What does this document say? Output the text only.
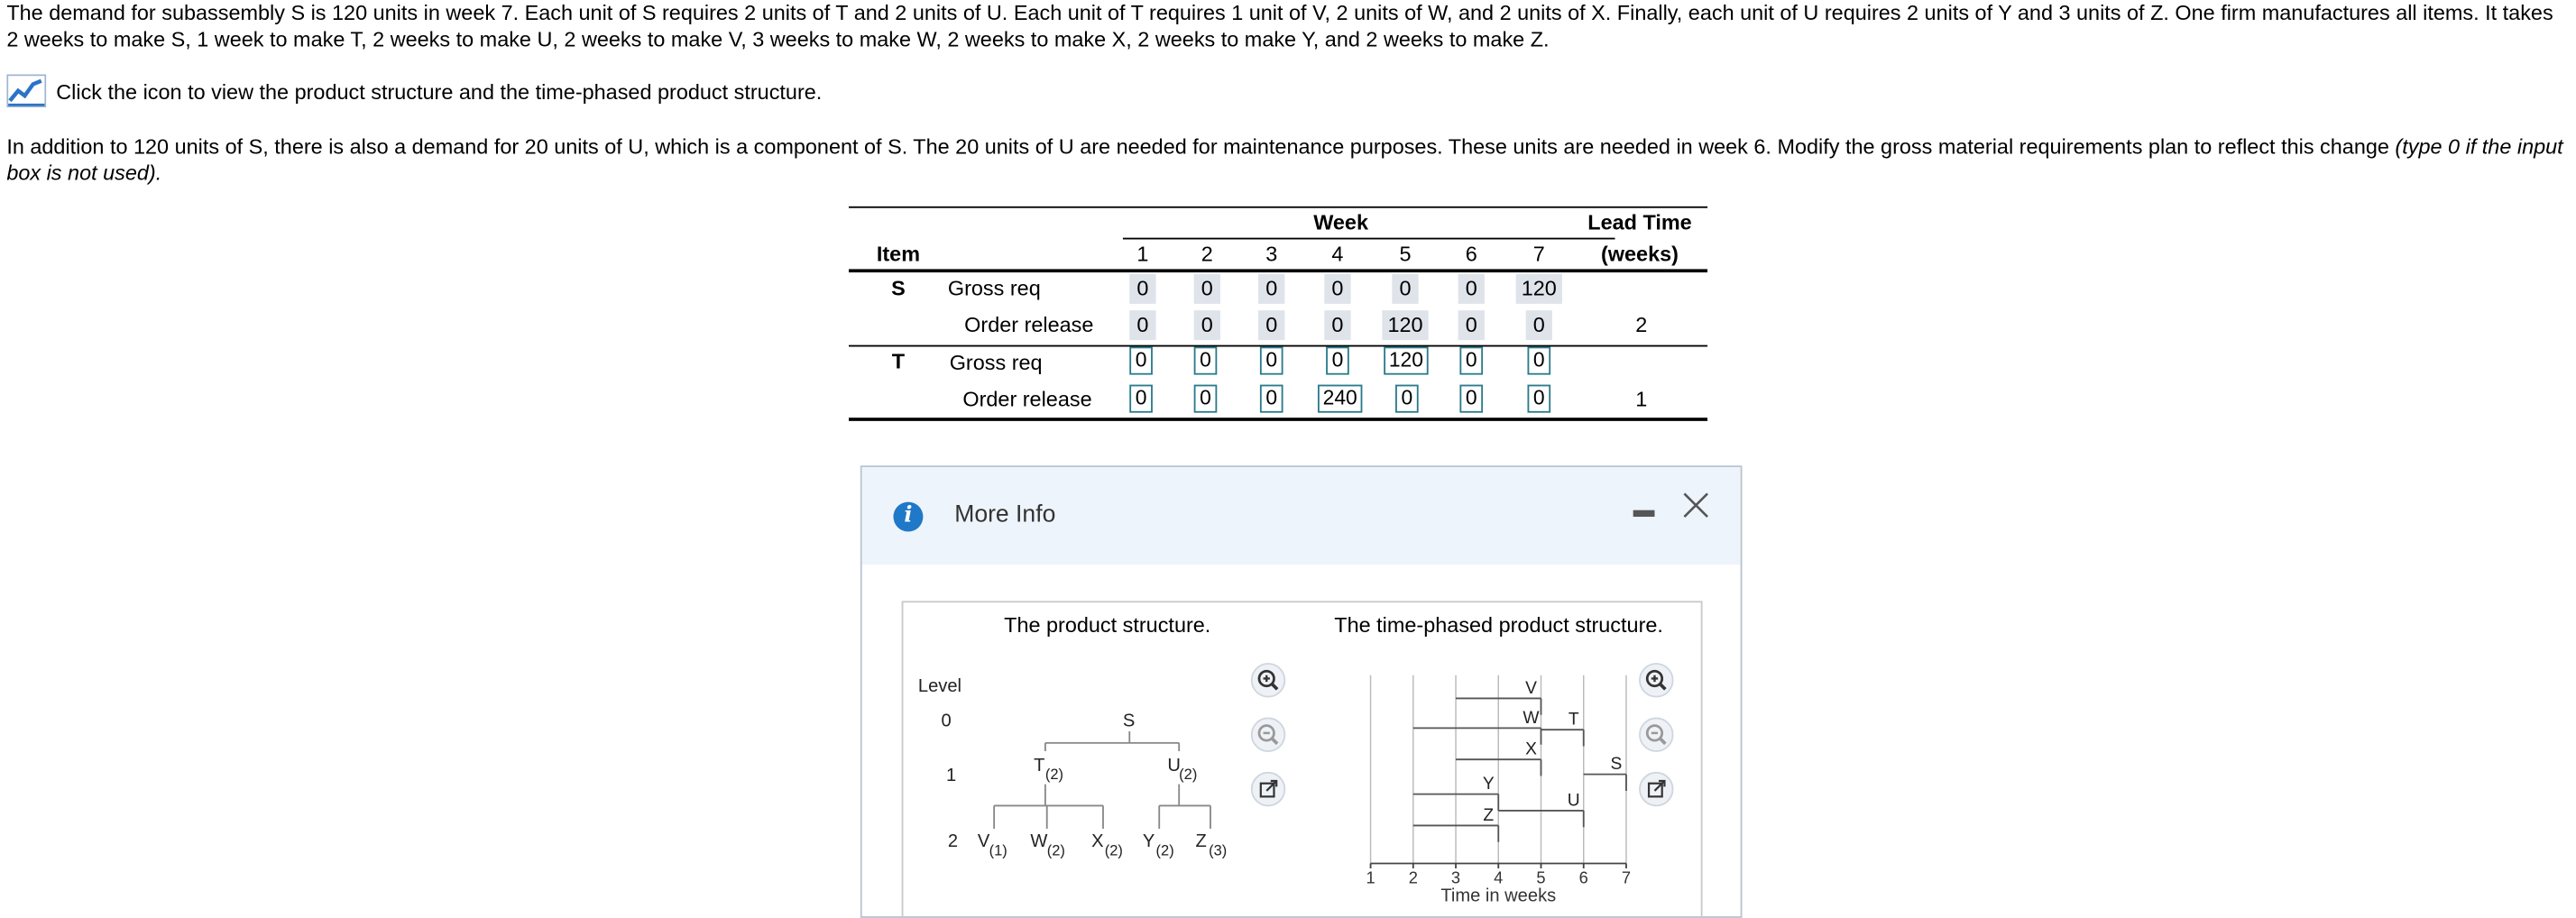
The demand for subassembly S is 120 units in week 7. Each unit of S requires 2 units of T and 2 units of U. Each unit of T requires 1 unit of V, 2 units of W, and 2 units of X. Finally, each unit of U requires 2 units of Y and 3 units of Z. One firm manufactures all items. It takes 2 weeks to make S, 1 week to make T, 2 weeks to make U, 2 weeks to make V, 3 weeks to make W, 2 weeks to make X, 2 weeks to make Y, and 2 weeks to make Z.
Click the icon to view the product structure and the time-phased product structure.
In addition to 120 units of S, there is also a demand for 20 units of U, which is a component of S. The 20 units of U are needed for maintenance purposes. These units are needed in week 6. Modify the gross material requirements plan to reflect this change (type 0 if the input box is not used).
Week	Lead Time
(weeks)
Item	1	2	3	4	5	6	7
S	Gross req	0	0	0	0	0	0	120
Order release	0	0	0	0	120	0	0	2
T	Gross req	0	0	0	0	120	0	0
Order release	0	0	0	240	0	0	0	1
i	More Info
The product structure.	The time-phased product structure.
Level
0
1
2
S
T (2)	U
(2)
V (1) W (2)	X (2) Y (2) Z (3)
1	2	3	4	5	6	7
Time in weeks
V
W
X
T
Y
Z
U
S
